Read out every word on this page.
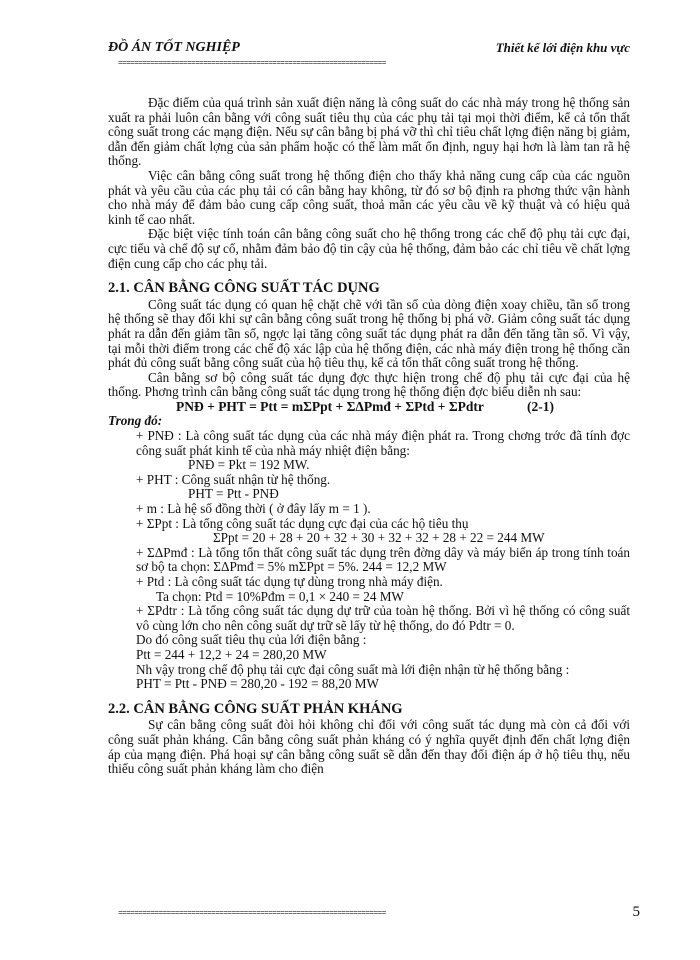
ĐỒ ÁN TỐT NGHIỆP	Thiết kế lới điện khu vực
==================================================================

Đặc điểm của quá trình sản xuất điện năng là công suất do các nhà máy trong hệ thống sản xuất ra phải luôn cân bằng với công suất tiêu thụ của các phụ tải tại mọi thời điểm, kể cả tổn thất công suất trong các mạng điện. Nếu sự cân bằng bị phá vỡ thì chỉ tiêu chất lợng điện năng bị giảm, dẫn đến giảm chất lợng của sản phẩm hoặc có thể làm mất ổn định, nguy hại hơn là làm tan rã hệ thống.

Việc cân bằng công suất trong hệ thống điện cho thấy khả năng cung cấp của các nguồn phát và yêu cầu của các phụ tải có cân bằng hay không, từ đó sơ bộ định ra phơng thức vận hành cho nhà máy để đảm bảo cung cấp công suất, thoả mãn các yêu cầu về kỹ thuật và có hiệu quả kinh tế cao nhất.

Đặc biệt việc tính toán cân bằng công suất cho hệ thống trong các chế độ phụ tải cực đại, cực tiểu và chế độ sự cố, nhằm đảm bảo độ tin cậy của hệ thống, đảm bảo các chỉ tiêu về chất lợng điện cung cấp cho các phụ tải.

2.1. CÂN BẰNG CÔNG SUẤT TÁC DỤNG

Công suất tác dụng có quan hệ chặt chẽ với tần số của dòng điện xoay chiều, tần số trong hệ thống sẽ thay đổi khi sự cân bằng công suất trong hệ thống bị phá vỡ. Giảm công suất tác dụng phát ra dẫn đến giảm tần số, ngợc lại tăng công suất tác dụng phát ra dẫn đến tăng tần số. Vì vậy, tại mỗi thời điểm trong các chế độ xác lập của hệ thống điện, các nhà máy điện trong hệ thống cần phát đủ công suất bằng công suất của hộ tiêu thụ, kể cả tổn thất công suất trong hệ thống.

Cân bằng sơ bộ công suất tác dụng đợc thực hiện trong chế độ phụ tải cực đại của hệ thống. Phơng trình cân bằng công suất tác dụng trong hệ thống điện đợc biểu diễn nh sau:

PNĐ + PHT = Ptt = mΣPpt + ΣΔPmđ + ΣPtd + ΣPdtr	(2-1)

Trong đó:

+ PNĐ : Là công suất tác dụng của các nhà máy điện phát ra. Trong chơng trớc đã tính đợc công suất phát kinh tế của nhà máy nhiệt điện bằng:

PNĐ = Pkt = 192 MW.

+ PHT : Công suất nhận từ hệ thống.

PHT = Ptt - PNĐ

+ m : Là hệ số đồng thời ( ở đây lấy m = 1 ).

+ ΣPpt : Là tổng công suất tác dụng cực đại của các hộ tiêu thụ

ΣPpt = 20 + 28 + 20 + 32 + 30 + 32 + 32 + 28 + 22 = 244 MW

+ ΣΔPmđ : Là tổng tổn thất công suất tác dụng trên đờng dây và máy biến áp trong tính toán sơ bộ ta chọn: ΣΔPmđ = 5% mΣPpt = 5%. 244 = 12,2 MW

+ Ptd : Là công suất tác dụng tự dùng trong nhà máy điện.

Ta chọn: Ptd = 10%Pđm = 0,1 × 240 = 24 MW

+ ΣPdtr : Là tổng công suất tác dụng dự trữ của toàn hệ thống. Bởi vì hệ thống có công suất vô cùng lớn cho nên công suất dự trữ sẽ lấy từ hệ thống, do đó Pdtr = 0.

Do đó công suất tiêu thụ của lới điện bằng :

Ptt = 244 + 12,2 + 24 = 280,20 MW

Nh vậy trong chế độ phụ tải cực đại công suất mà lới điện nhận từ hệ thống bằng :

PHT = Ptt - PNĐ = 280,20 - 192 = 88,20 MW

2.2. CÂN BẰNG CÔNG SUẤT PHẢN KHÁNG

Sự cân bằng công suất đòi hỏi không chỉ đối với công suất tác dụng mà còn cả đối với công suất phản kháng. Cân bằng công suất phản kháng có ý nghĩa quyết định đến chất lợng điện áp của mạng điện. Phá hoại sự cân bằng công suất sẽ dẫn đến thay đổi điện áp ở hộ tiêu thụ, nếu thiếu công suất phản kháng làm cho điện

==================================================================	5
